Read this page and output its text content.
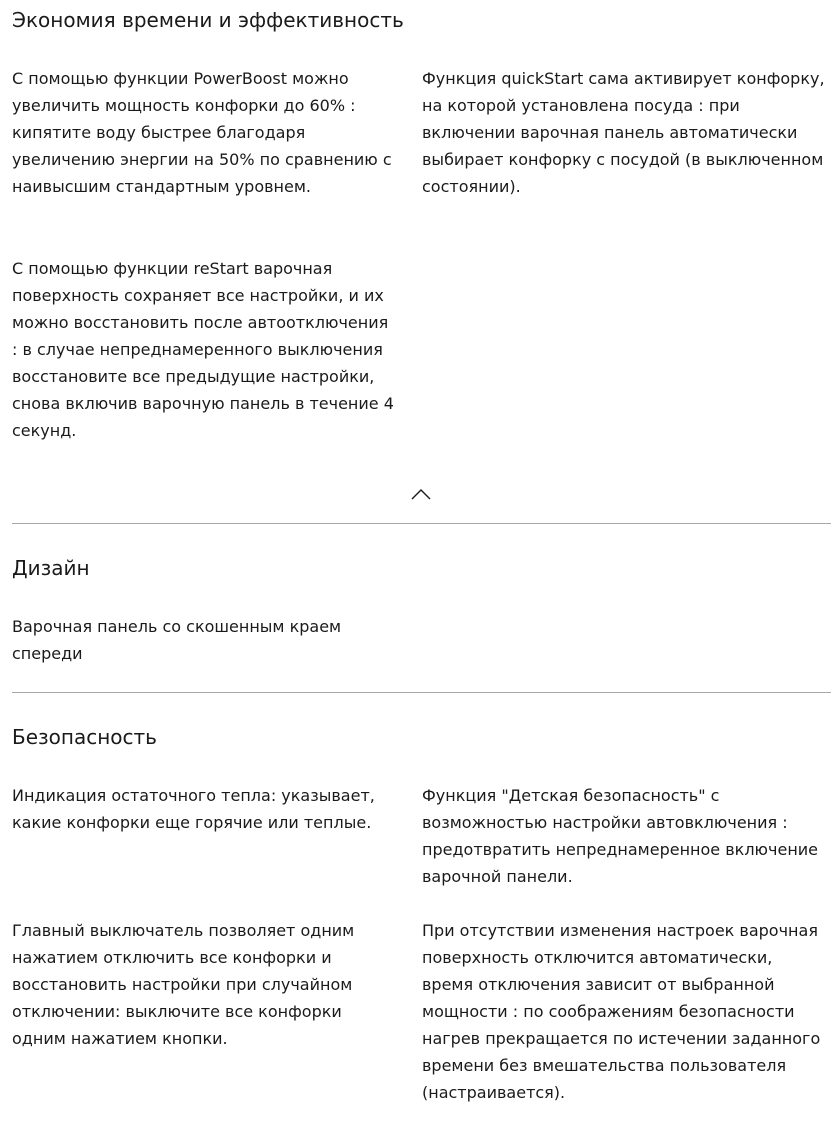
Экономия времени и эффективность

С помощью функции PowerBoost можно увеличить мощность конфорки до 60% : кипятите воду быстрее благодаря увеличению энергии на 50% по сравнению с наивысшим стандартным уровнем.

С помощью функции reStart варочная поверхность сохраняет все настройки, и их можно восстановить после автоотключения : в случае непреднамеренного выключения восстановите все предыдущие настройки, снова включив варочную панель в течение 4 секунд.

Функция quickStart сама активирует конфорку, на которой установлена посуда : при включении варочная панель автоматически выбирает конфорку с посудой (в выключенном состоянии).

Дизайн

Варочная панель со скошенным краем спереди

Безопасность

Индикация остаточного тепла: указывает, какие конфорки еще горячие или теплые.

Главный выключатель позволяет одним нажатием отключить все конфорки и восстановить настройки при случайном отключении: выключите все конфорки одним нажатием кнопки.

Функция "Детская безопасность" с возможностью настройки автовключения : предотвратить непреднамеренное включение варочной панели.

При отсутствии изменения настроек варочная поверхность отключится автоматически, время отключения зависит от выбранной мощности : по соображениям безопасности нагрев прекращается по истечении заданного времени без вмешательства пользователя (настраивается).
